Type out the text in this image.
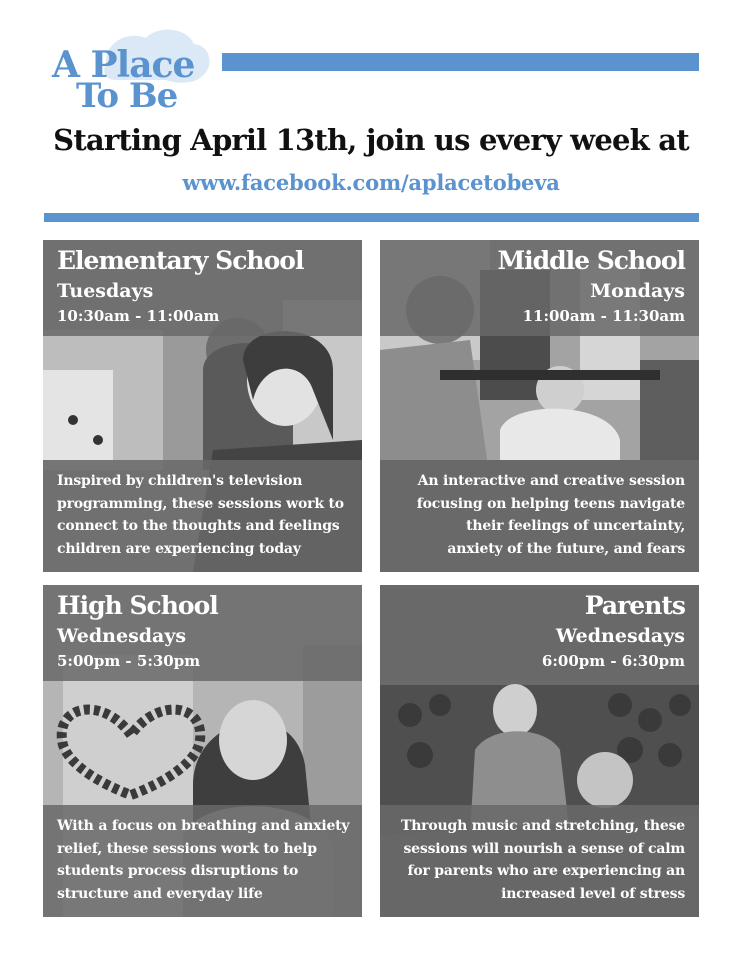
A Place
To Be
Starting April 13th, join us every week at
www.facebook.com/aplacetobeva
Elementary School
Tuesdays
10:30am - 11:00am
Inspired by children's television
programming, these sessions work to
connect to the thoughts and feelings
children are experiencing today
Middle School
Mondays
11:00am - 11:30am
An interactive and creative session
focusing on helping teens navigate
their feelings of uncertainty,
anxiety of the future, and fears
High School
Wednesdays
5:00pm - 5:30pm
With a focus on breathing and anxiety
relief, these sessions work to help
students process disruptions to
structure and everyday life
Parents
Wednesdays
6:00pm - 6:30pm
Through music and stretching, these
sessions will nourish a sense of calm
for parents who are experiencing an
increased level of stress
